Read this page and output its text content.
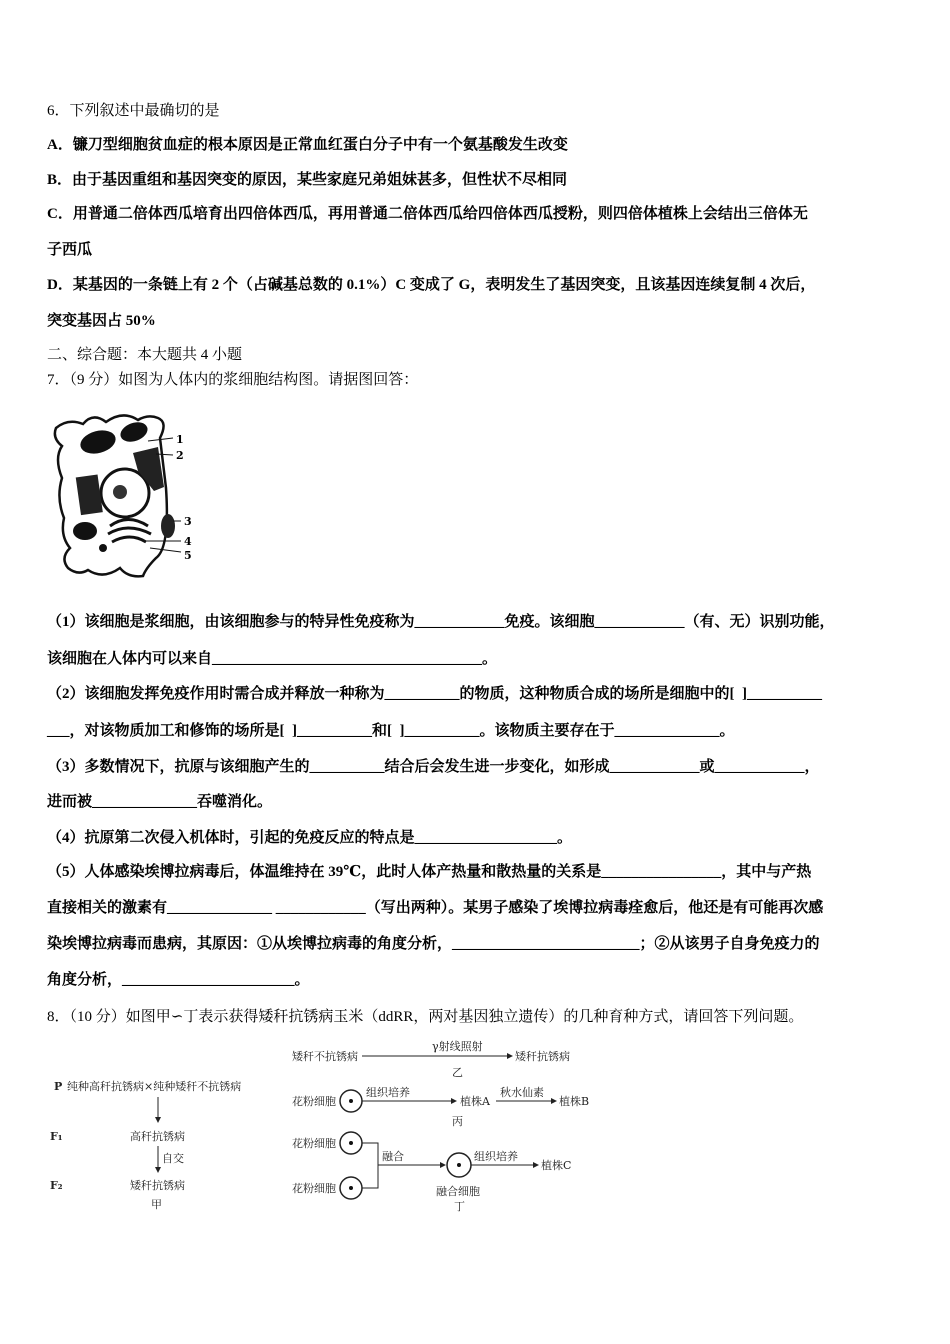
6．下列叙述中最确切的是
A．镰刀型细胞贫血症的根本原因是正常血红蛋白分子中有一个氨基酸发生改变
B．由于基因重组和基因突变的原因，某些家庭兄弟姐妹甚多，但性状不尽相同
C．用普通二倍体西瓜培育出四倍体西瓜，再用普通二倍体西瓜给四倍体西瓜授粉，则四倍体植株上会结出三倍体无
子西瓜
D．某基因的一条链上有 2 个（占碱基总数的 0.1%）C 变成了 G，表明发生了基因突变，且该基因连续复制 4 次后，
突变基因占 50%
二、综合题：本大题共 4 小题
7．（9 分）如图为人体内的浆细胞结构图。请据图回答：
1
2
3
4
5
（1）该细胞是浆细胞，由该细胞参与的特异性免疫称为____________免疫。该细胞____________（有、无）识别功能，
该细胞在人体内可以来自____________________________________。
（2）该细胞发挥免疫作用时需合成并释放一种称为__________的物质，这种物质合成的场所是细胞中的[  ]__________
___，对该物质加工和修饰的场所是[  ]__________和[  ]__________。该物质主要存在于______________。
（3）多数情况下，抗原与该细胞产生的__________结合后会发生进一步变化，如形成____________或____________，
进而被______________吞噬消化。
（4）抗原第二次侵入机体时，引起的免疫反应的特点是___________________。
（5）人体感染埃博拉病毒后，体温维持在 39℃，此时人体产热量和散热量的关系是________________，其中与产热
直接相关的激素有______________ ____________（写出两种）。某男子感染了埃博拉病毒痊愈后，他还是有可能再次感
染埃博拉病毒而患病，其原因：①从埃博拉病毒的角度分析，_________________________；②从该男子自身免疫力的
角度分析，_______________________。
8．（10 分）如图甲∽丁表示获得矮秆抗锈病玉米（ddRR，两对基因独立遗传）的几种育种方式，请回答下列问题。
P 纯种高秆抗锈病×纯种矮秆不抗锈病
F₁	高秆抗锈病
自交
F₂	矮秆抗锈病
甲
矮秆不抗锈病
γ射线照射
矮秆抗锈病
乙
花粉细胞
组织培养
植株A
秋水仙素
植株B
丙
花粉细胞
花粉细胞
融合	组织培养
植株C
融合细胞
丁
